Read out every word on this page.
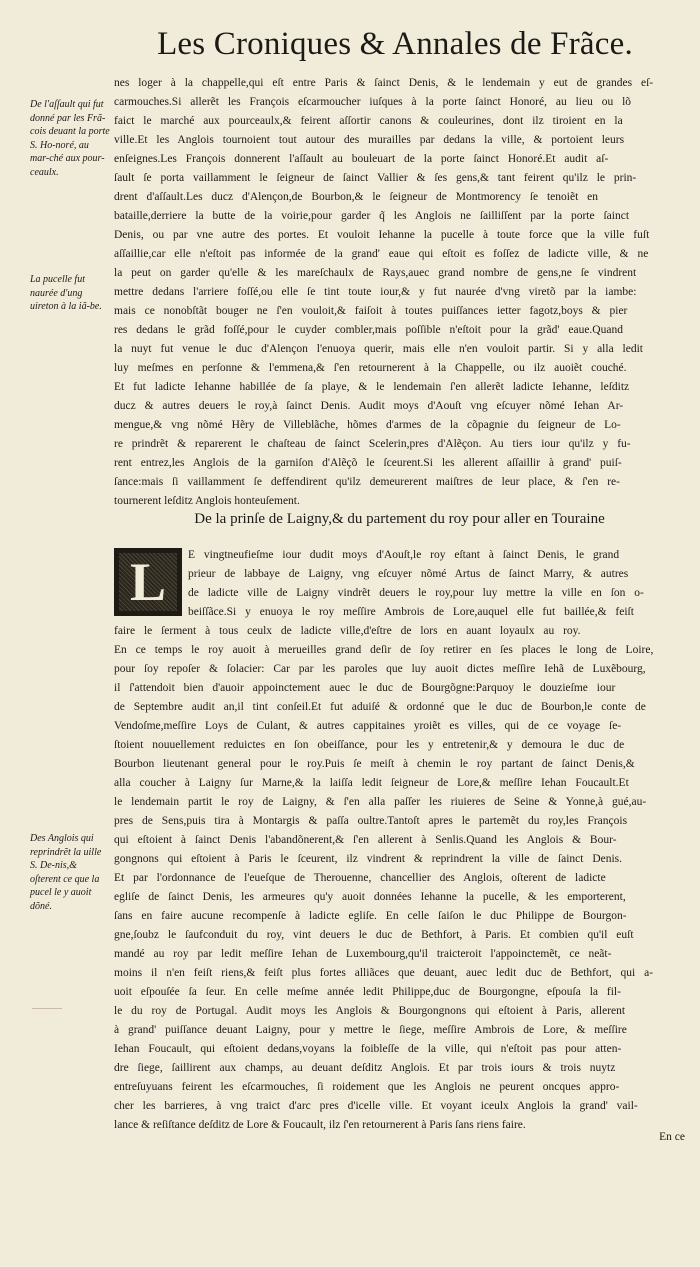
Les Croniques & Annales de Frãce.
De l'aſſault qui fut donné par les Frã-cois deuant la porte S. Ho-noré, au mar-ché aux pour-ceaulx.
La pucelle fut naurée d'ung uireton à la iã-be.
Des Anglois qui reprindrẽt la uille S. De-nis,& oſterent ce que la pucel le y auoit dõné.
nes loger à la chappelle,qui eſt entre Paris & ſainct Denis, & le lendemain y eut de grandes eſ-
carmouches.Si allerẽt les François eſcarmoucher iuſques à la porte ſainct Honoré, au lieu ou lõ
faict le marché aux pourceaulx,& feirent aſſortir canons & couleurines, dont ilz tiroient en la
ville.Et les Anglois tournoient tout autour des murailles par dedans la ville, & portoient leurs
enſeignes.Les François donnerent l'aſſault au bouleuart de la porte ſainct Honoré.Et audit aſ-
ſault ſe porta vaillamment le ſeigneur de ſainct Vallier & ſes gens,& tant feirent qu'ilz le prin-
drent d'aſſault.Les ducz d'Alençon,de Bourbon,& le ſeigneur de Montmorency ſe tenoiẽt en
bataille,derriere la butte de la voirie,pour garder q̃ les Anglois ne ſailliſſent par la porte ſainct
Denis, ou par vne autre des portes. Et vouloit Iehanne la pucelle à toute force que la ville fuſt
aſſaillie,car elle n'eſtoit pas informée de la grand' eaue qui eſtoit es foſſez de ladicte ville, & ne
la peut on garder qu'elle & les mareſchaulx de Rays,auec grand nombre de gens,ne ſe vindrent
mettre dedans l'arriere foſſé,ou elle ſe tint toute iour,& y fut naurée d'vng viretõ par la iambe:
mais ce nonobſtãt bouger ne ſ'en vouloit,& faiſoit à toutes puiſſances ietter fagotz,boys & pier
res dedans le grãd foſſé,pour le cuyder combler,mais poſſible n'eſtoit pour la grãd' eaue.Quand
la nuyt fut venue le duc d'Alençon l'enuoya querir, mais elle n'en vouloit partir. Si y alla ledit
luy meſmes en perſonne & l'emmena,& ſ'en retournerent à la Chappelle, ou ilz auoiẽt couché.
Et fut ladicte Iehanne habillée de ſa playe, & le lendemain ſ'en allerẽt ladicte Iehanne, leſditz
ducz & autres deuers le roy,à ſainct Denis. Audit moys d'Aouſt vng eſcuyer nõmé Iehan Ar-
mengue,& vng nõmé Hẽry de Villeblãche, hõmes d'armes de la cõpagnie du ſeigneur de Lo-
re prindrẽt & reparerent le chaſteau de ſainct Scelerin,pres d'Alẽçon. Au tiers iour qu'ilz y fu-
rent entrez,les Anglois de la garniſon d'Alẽçõ le ſceurent.Si les allerent aſſaillir à grand' puiſ-
ſance:mais ſi vaillamment ſe deffendirent qu'ilz demeurerent maiſtres de leur place, & ſ'en re-
tournerent leſditz Anglois honteuſement.
De la prinſe de Laigny,& du partement du roy pour aller en Touraine
L	E vingtneufieſme iour dudit moys d'Aouſt,le roy eſtant à ſainct Denis, le grand
prieur de labbaye de Laigny, vng eſcuyer nõmé Artus de ſainct Marry, & autres
de ladicte ville de Laigny vindrẽt deuers le roy,pour luy mettre la ville en ſon o-
beiſſãce.Si y enuoya le roy meſſire Ambrois de Lore,auquel elle fut baillée,& feiſt
faire le ſerment à tous ceulx de ladicte ville,d'eſtre de lors en auant loyaulx au roy.
En ce temps le roy auoit à merueilles grand deſir de ſoy retirer en ſes places le long de Loire,
pour ſoy repoſer & ſolacier: Car par les paroles que luy auoit dictes meſſire Iehã de Luxẽbourg,
il ſ'attendoit bien d'auoir appoinctement auec le duc de Bourgõgne:Parquoy le douzieſme iour
de Septembre audit an,il tint conſeil.Et fut aduiſé & ordonné que le duc de Bourbon,le conte de
Vendoſme,meſſire Loys de Culant, & autres cappitaines yroiẽt es villes, qui de ce voyage ſe-
ſtoient nouuellement reduictes en ſon obeiſſance, pour les y entretenir,& y demoura le duc de
Bourbon lieutenant general pour le roy.Puis ſe meiſt à chemin le roy partant de ſainct Denis,&
alla coucher à Laigny ſur Marne,& la laiſſa ledit ſeigneur de Lore,& meſſire Iehan Foucault.Et
le lendemain partit le roy de Laigny, & ſ'en alla paſſer les riuieres de Seine & Yonne,à gué,au-
pres de Sens,puis tira à Montargis & paſſa oultre.Tantoſt apres le partemẽt du roy,les François
qui eſtoient à ſainct Denis l'abandõnerent,& ſ'en allerent à Senlis.Quand les Anglois & Bour-
gongnons qui eſtoient à Paris le ſceurent, ilz vindrent & reprindrent la ville de ſainct Denis.
Et par l'ordonnance de l'eueſque de Therouenne, chancellier des Anglois, oſterent de ladicte
egliſe de ſainct Denis, les armeures qu'y auoit données Iehanne la pucelle, & les emporterent,
ſans en faire aucune recompenſe à ladicte egliſe. En celle ſaiſon le duc Philippe de Bourgon-
gne,ſoubz le ſaufconduit du roy, vint deuers le duc de Bethfort, à Paris. Et combien qu'il euſt
mandé au roy par ledit meſſire Iehan de Luxembourg,qu'il traicteroit l'appoinctemẽt, ce neãt-
moins il n'en feiſt riens,& feiſt plus fortes alliãces que deuant, auec ledit duc de Bethfort, qui a-
uoit eſpouſée ſa ſeur. En celle meſme année ledit Philippe,duc de Bourgongne, eſpouſa la fil-
le du roy de Portugal. Audit moys les Anglois & Bourgongnons qui eſtoient à Paris, allerent
à grand' puiſſance deuant Laigny, pour y mettre le ſiege, meſſire Ambrois de Lore, & meſſire
Iehan Foucault, qui eſtoient dedans,voyans la foibleſſe de la ville, qui n'eſtoit pas pour atten-
dre ſiege, ſaillirent aux champs, au deuant deſditz Anglois. Et par trois iours & trois nuytz
entreſuyuans feirent les eſcarmouches, ſi roidement que les Anglois ne peurent oncques appro-
cher les barrieres, à vng traict d'arc pres d'icelle ville. Et voyant iceulx Anglois la grand' vail-
lance & reſiſtance deſditz de Lore & Foucault, ilz ſ'en retournerent à Paris ſans riens faire.
En ce
